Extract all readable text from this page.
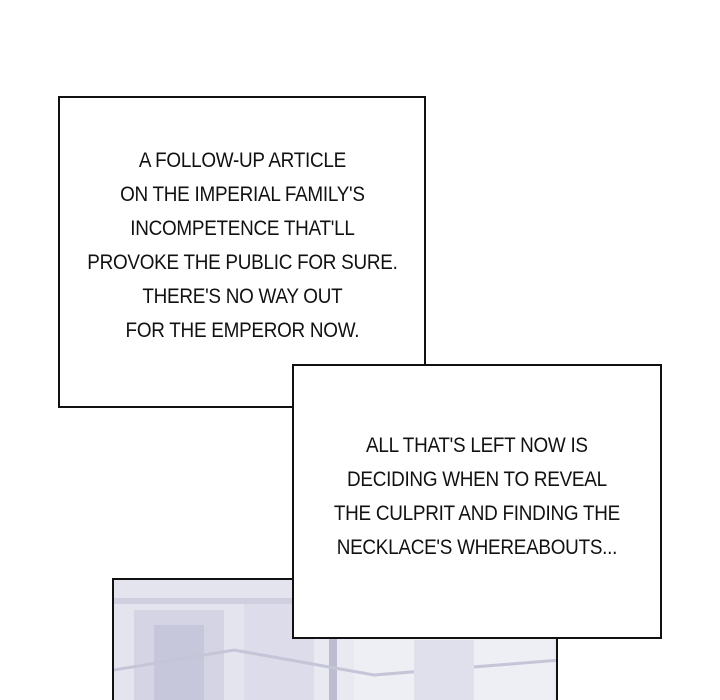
A FOLLOW-UP ARTICLE
ON THE IMPERIAL FAMILY'S
INCOMPETENCE THAT'LL
PROVOKE THE PUBLIC FOR SURE.
THERE'S NO WAY OUT
FOR THE EMPEROR NOW.
ALL THAT'S LEFT NOW IS
DECIDING WHEN TO REVEAL
THE CULPRIT AND FINDING THE
NECKLACE'S WHEREABOUTS...
